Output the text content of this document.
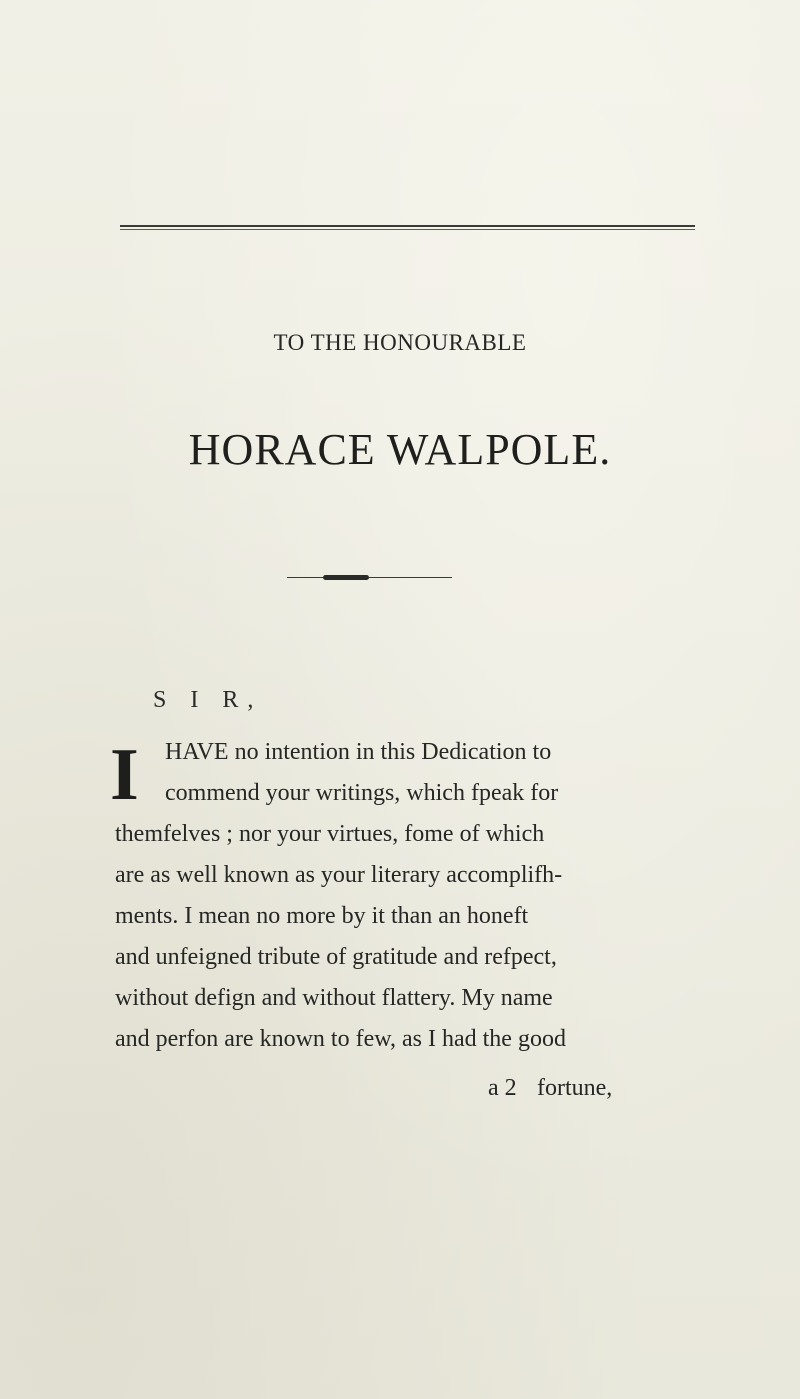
TO THE HONOURABLE
HORACE WALPOLE.
S I R,
I HAVE no intention in this Dedication to
commend your writings, which fpeak for
themfelves ; nor your virtues, fome of which
are as well known as your literary accomplifh-
ments. I mean no more by it than an honeft
and unfeigned tribute of gratitude and refpect,
without defign and without flattery. My name
and perfon are known to few, as I had the good
a 2 fortune,
